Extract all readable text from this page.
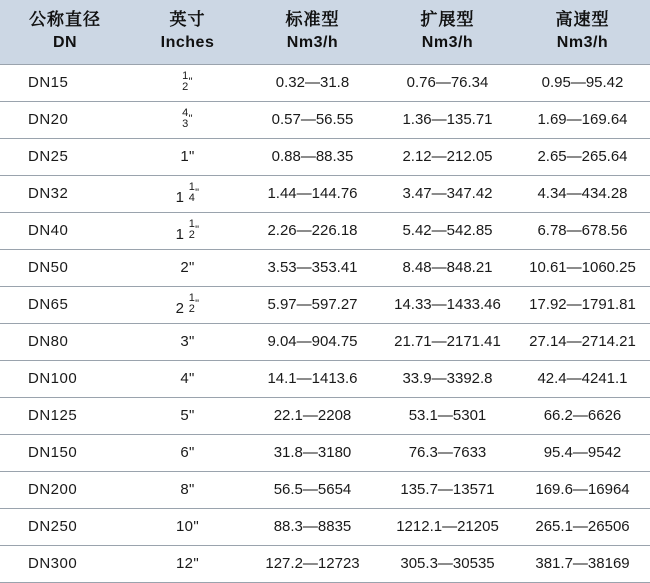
公称直径
DN	英寸
Inches	标准型
Nm3/h	扩展型
Nm3/h	高速型
Nm3/h

DN15	1
2 "	0.32—31.8	0.76—76.34	0.95—95.42
DN20	4
3 "	0.57—56.55	1.36—135.71	1.69—169.64
DN25	1"	0.88—88.35	2.12—212.05	2.65—265.64
DN32	1
1
4 "	1.44—144.76	3.47—347.42	4.34—434.28
DN40	1
1
2 "	2.26—226.18	5.42—542.85	6.78—678.56
DN50	2"	3.53—353.41	8.48—848.21	10.61—1060.25
DN65	2
1
2 "	5.97—597.27	14.33—1433.46	17.92—1791.81
DN80	3"	9.04—904.75	21.71—2171.41	27.14—2714.21
DN100	4"	14.1—1413.6	33.9—3392.8	42.4—4241.1
DN125	5"	22.1—2208	53.1—5301	66.2—6626
DN150	6"	31.8—3180	76.3—7633	95.4—9542
DN200	8"	56.5—5654	135.7—13571	169.6—16964
DN250	10"	88.3—8835	1212.1—21205	265.1—26506
DN300	12"	127.2—12723	305.3—30535	381.7—38169
